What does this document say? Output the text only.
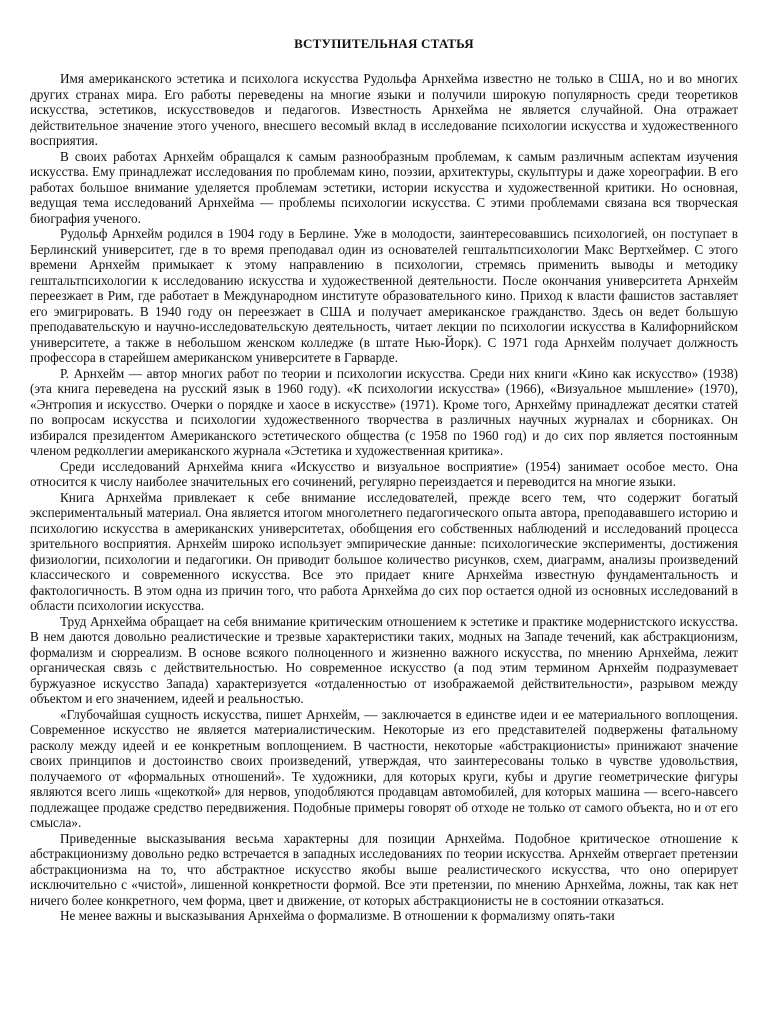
ВСТУПИТЕЛЬНАЯ СТАТЬЯ

Имя американского эстетика и психолога искусства Рудольфа Арнхейма известно не только в США, но и во многих других странах мира. Его работы переведены на многие языки и получили широкую популярность среди теоретиков искусства, эстетиков, искусствоведов и педагогов. Известность Арнхейма не является случайной. Она отражает действительное значение этого ученого, внесшего весомый вклад в исследование психологии искусства и художественного восприятия.

В своих работах Арнхейм обращался к самым разнообразным проблемам, к самым различным аспектам изучения искусства. Ему принадлежат исследования по проблемам кино, поэзии, архитектуры, скульптуры и даже хореографии. В его работах большое внимание уделяется проблемам эстетики, истории искусства и художественной критики. Но основная, ведущая тема исследований Арнхейма — проблемы психологии искусства. С этими проблемами связана вся творческая биография ученого.

Рудольф Арнхейм родился в 1904 году в Берлине. Уже в молодости, заинтересовавшись психологией, он поступает в Берлинский университет, где в то время преподавал один из основателей гештальтпсихологии Макс Вертхеймер. С этого времени Арнхейм примыкает к этому направлению в психологии, стремясь применить выводы и методику гештальтпсихологии к исследованию искусства и художественной деятельности. После окончания университета Арнхейм переезжает в Рим, где работает в Международном институте образовательного кино. Приход к власти фашистов заставляет его эмигрировать. В 1940 году он переезжает в США и получает американское гражданство. Здесь он ведет большую преподавательскую и научно-исследовательскую деятельность, читает лекции по психологии искусства в Калифорнийском университете, а также в небольшом женском колледже (в штате Нью-Йорк). С 1971 года Арнхейм получает должность профессора в старейшем американском университете в Гарварде.

Р. Арнхейм — автор многих работ по теории и психологии искусства. Среди них книги «Кино как искусство» (1938) (эта книга переведена на русский язык в 1960 году). «К психологии искусства» (1966), «Визуальное мышление» (1970), «Энтропия и искусство. Очерки о порядке и хаосе в искусстве» (1971). Кроме того, Арнхейму принадлежат десятки статей по вопросам искусства и психологии художественного творчества в различных научных журналах и сборниках. Он избирался президентом Американского эстетического общества (с 1958 по 1960 год) и до сих пор является постоянным членом редколлегии американского журнала «Эстетика и художественная критика».

Среди исследований Арнхейма книга «Искусство и визуальное восприятие» (1954) занимает особое место. Она относится к числу наиболее значительных его сочинений, регулярно переиздается и переводится на многие языки.

Книга Арнхейма привлекает к себе внимание исследователей, прежде всего тем, что содержит богатый экспериментальный материал. Она является итогом многолетнего педагогического опыта автора, преподававшего историю и психологию искусства в американских университетах, обобщения его собственных наблюдений и исследований процесса зрительного восприятия. Арнхейм широко использует эмпирические данные: психологические эксперименты, достижения физиологии, психологии и педагогики. Он приводит большое количество рисунков, схем, диаграмм, анализы произведений классического и современного искусства. Все это придает книге Арнхейма известную фундаментальность и фактологичность. В этом одна из причин того, что работа Арнхейма до сих пор остается одной из основных исследований в области психологии искусства.

Труд Арнхейма обращает на себя внимание критическим отношением к эстетике и практике модернистского искусства. В нем даются довольно реалистические и трезвые характеристики таких, модных на Западе течений, как абстракционизм, формализм и сюрреализм. В основе всякого полноценного и жизненно важного искусства, по мнению Арнхейма, лежит органическая связь с действительностью. Но современное искусство (а под этим термином Арнхейм подразумевает буржуазное искусство Запада) характеризуется «отдаленностью от изображаемой действительности», разрывом между объектом и его значением, идеей и реальностью.

«Глубочайшая сущность искусства, пишет Арнхейм, — заключается в единстве идеи и ее материального воплощения. Современное искусство не является материалистическим. Некоторые из его представителей подвержены фатальному расколу между идеей и ее конкретным воплощением. В частности, некоторые «абстракционисты» принижают значение своих принципов и достоинство своих произведений, утверждая, что заинтересованы только в чувстве удовольствия, получаемого от «формальных отношений». Те художники, для которых круги, кубы и другие геометрические фигуры являются всего лишь «щекоткой» для нервов, уподобляются продавцам автомобилей, для которых машина — всего-навсего подлежащее продаже средство передвижения. Подобные примеры говорят об отходе не только от самого объекта, но и от его смысла».

Приведенные высказывания весьма характерны для позиции Арнхейма. Подобное критическое отношение к абстракционизму довольно редко встречается в западных исследованиях по теории искусства. Арнхейм отвергает претензии абстракционизма на то, что абстрактное искусство якобы выше реалистического искусства, что оно оперирует исключительно с «чистой», лишенной конкретности формой. Все эти претензии, по мнению Арнхейма, ложны, так как нет ничего более конкретного, чем форма, цвет и движение, от которых абстракционисты не в состоянии отказаться.

Не менее важны и высказывания Арнхейма о формализме. В отношении к формализму опять-таки
